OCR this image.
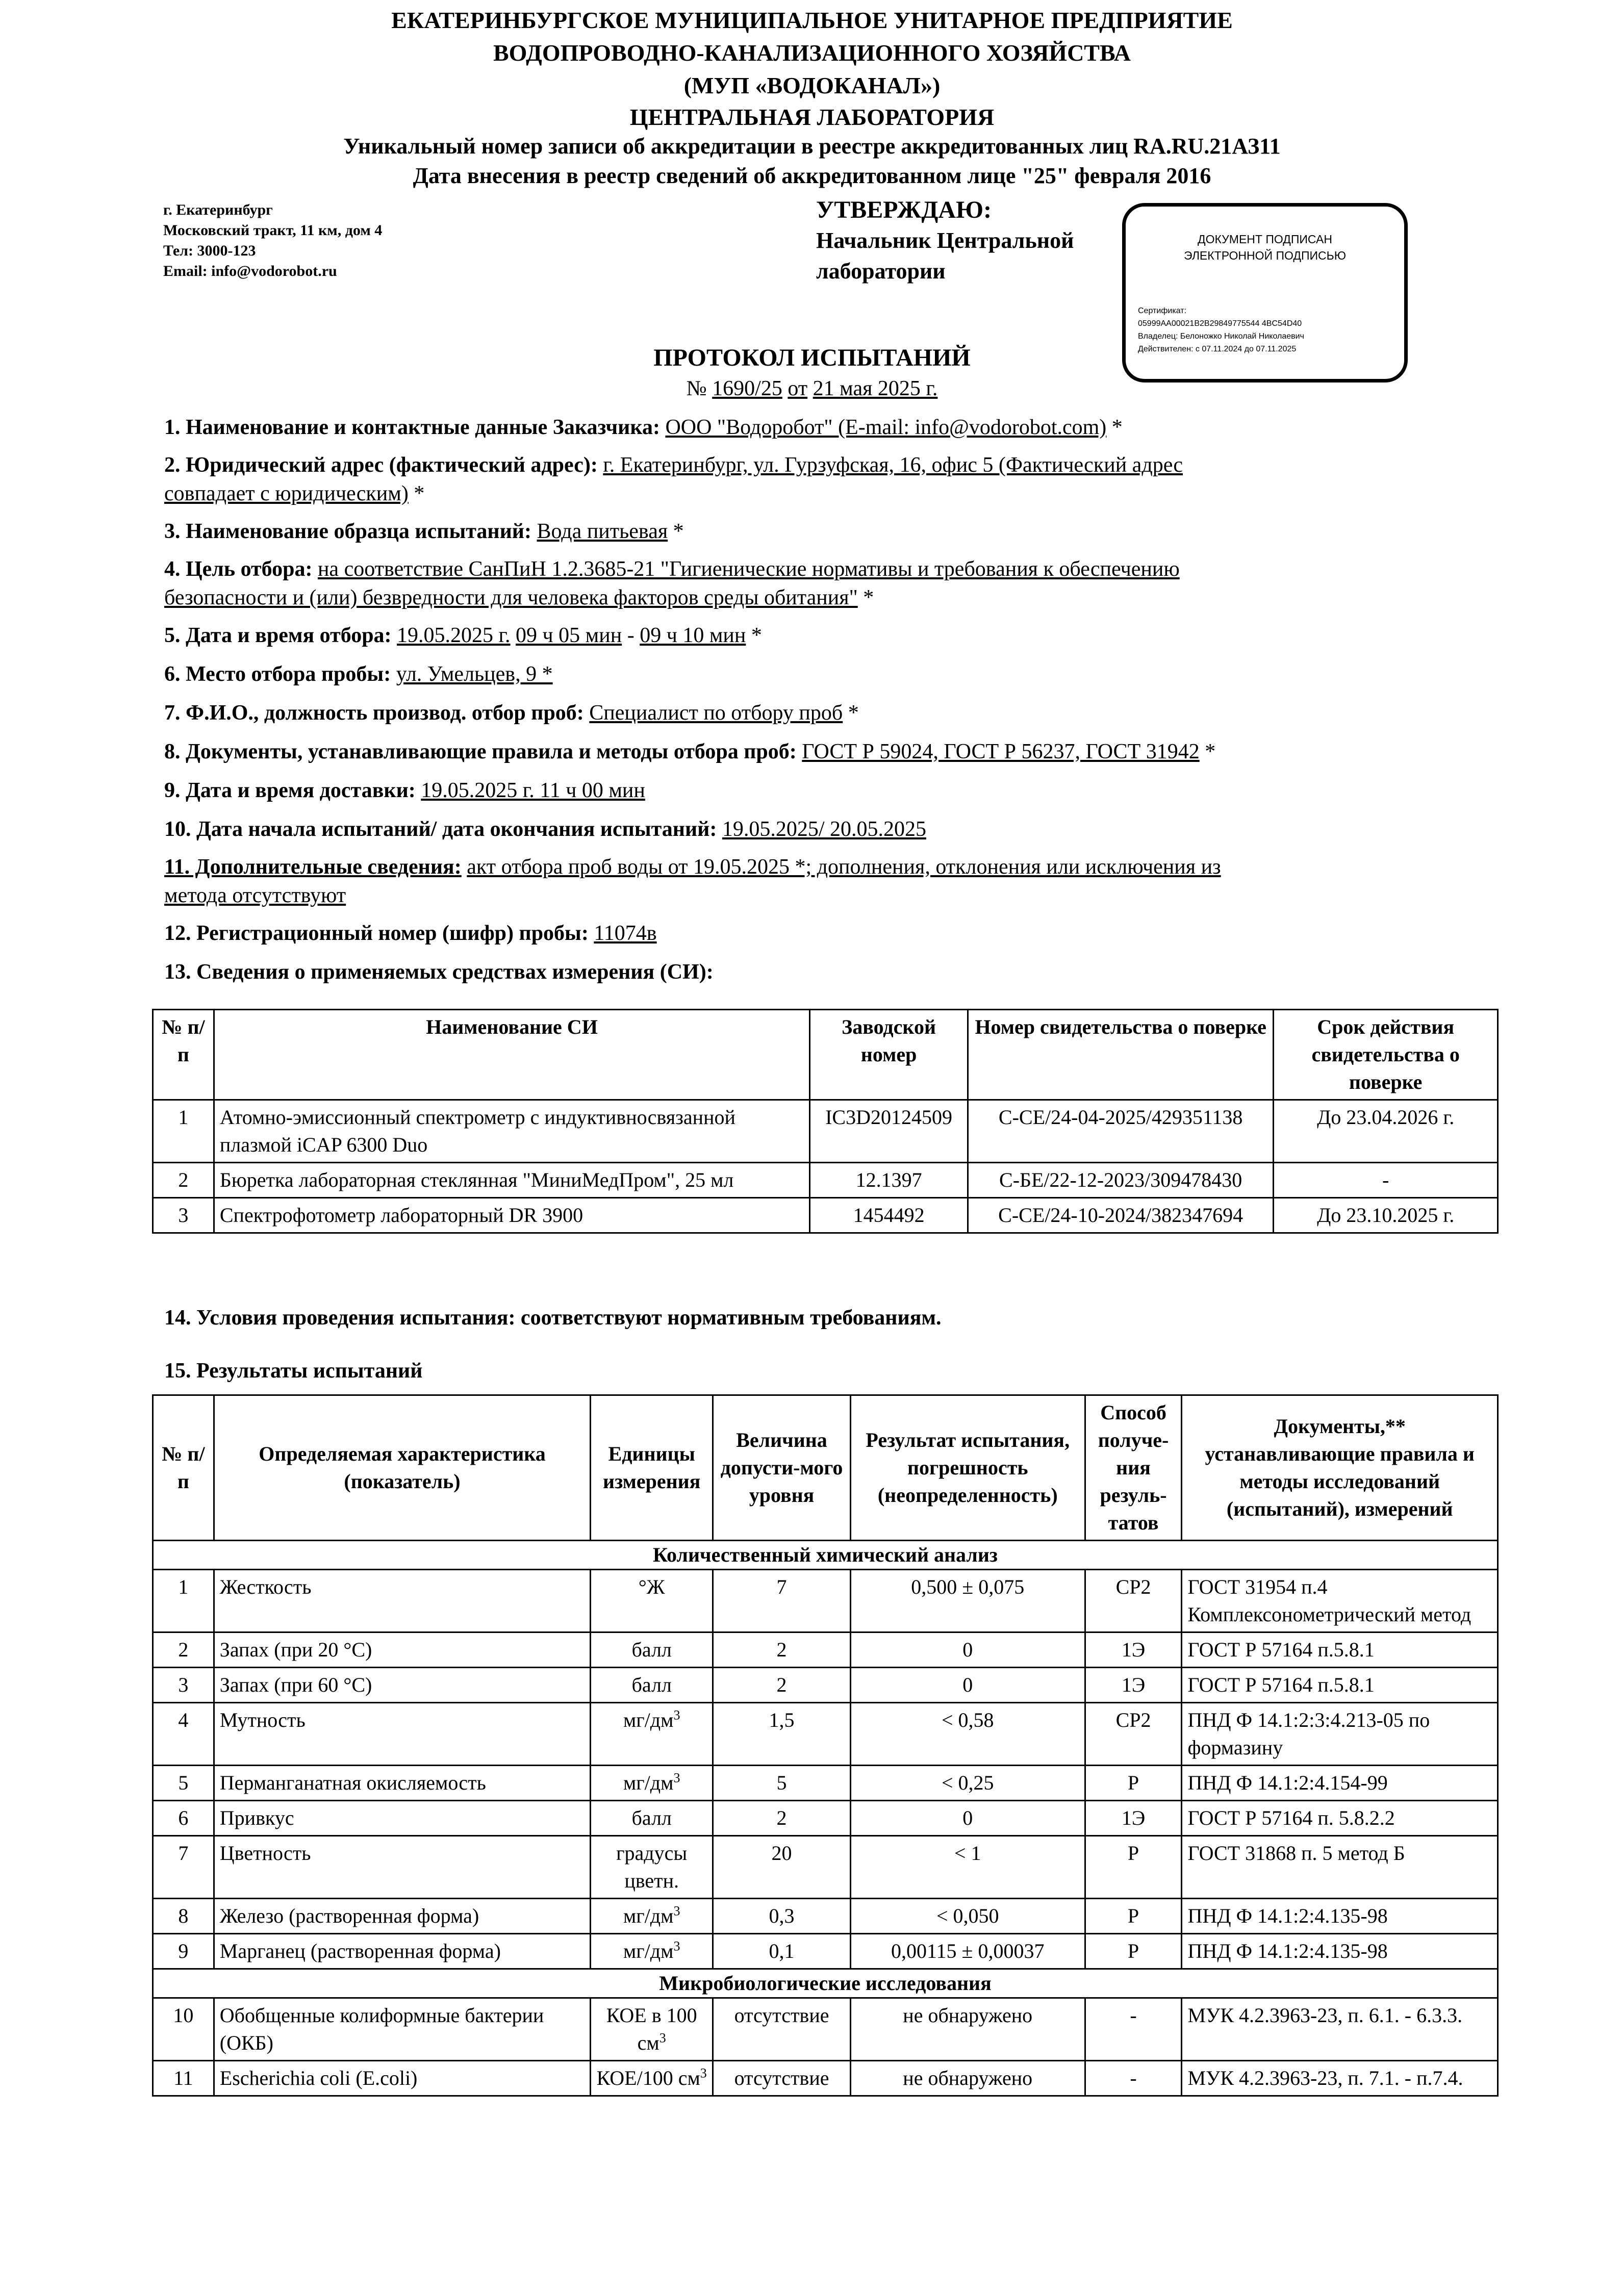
ЕКАТЕРИНБУРГСКОЕ МУНИЦИПАЛЬНОЕ УНИТАРНОЕ ПРЕДПРИЯТИЕ
ВОДОПРОВОДНО-КАНАЛИЗАЦИОННОГО ХОЗЯЙСТВА
(МУП «ВОДОКАНАЛ»)
ЦЕНТРАЛЬНАЯ ЛАБОРАТОРИЯ
Уникальный номер записи об аккредитации в реестре аккредитованных лиц RA.RU.21АЗ11
Дата внесения в реестр сведений об аккредитованном лице "25" февраля 2016
г. Екатеринбург
Московский тракт, 11 км, дом 4
Тел: 3000-123
Email: info@vodorobot.ru
УТВЕРЖДАЮ:
Начальник Центральной
лаборатории
ДОКУМЕНТ ПОДПИСАН
ЭЛЕКТРОННОЙ ПОДПИСЬЮ
Сертификат:
05999AA00021B2B29849775544 4BC54D40
Владелец: Белоножко Николай Николаевич
Действителен: с 07.11.2024 до 07.11.2025
ПРОТОКОЛ ИСПЫТАНИЙ
№ 1690/25 от 21 мая 2025 г.
1. Наименование и контактные данные Заказчика: ООО "Водоробот" (E-mail: info@vodorobot.com) *
2. Юридический адрес (фактический адрес): г. Екатеринбург, ул. Гурзуфская, 16, офис 5 (Фактический адрес
совпадает с юридическим) *
3. Наименование образца испытаний: Вода питьевая *
4. Цель отбора: на соответствие СанПиН 1.2.3685-21 "Гигиенические нормативы и требования к обеспечению
безопасности и (или) безвредности для человека факторов среды обитания" *
5. Дата и время отбора: 19.05.2025 г. 09 ч 05 мин - 09 ч 10 мин *
6. Место отбора пробы: ул. Умельцев, 9 *
7. Ф.И.О., должность производ. отбор проб: Специалист по отбору проб *
8. Документы, устанавливающие правила и методы отбора проб: ГОСТ Р 59024, ГОСТ Р 56237, ГОСТ 31942 *
9. Дата и время доставки: 19.05.2025 г. 11 ч 00 мин
10. Дата начала испытаний/ дата окончания испытаний: 19.05.2025/ 20.05.2025
11. Дополнительные сведения: акт отбора проб воды от 19.05.2025 *; дополнения, отклонения или исключения из
метода отсутствуют
12. Регистрационный номер (шифр) пробы: 11074в
13. Сведения о применяемых средствах измерения (СИ):
№ п/п	Наименование СИ	Заводской номер	Номер свидетельства о поверке	Срок действия свидетельства о поверке
1	Атомно-эмиссионный спектрометр с индуктивносвязанной плазмой iCAP 6300 Duo	IC3D20124509	С-СЕ/24-04-2025/429351138	До 23.04.2026 г.
2	Бюретка лабораторная стеклянная "МиниМедПром", 25 мл	12.1397	С-БЕ/22-12-2023/309478430	-
3	Спектрофотометр лабораторный DR 3900	1454492	С-СЕ/24-10-2024/382347694	До 23.10.2025 г.
14. Условия проведения испытания: соответствуют нормативным требованиям.
15. Результаты испытаний
№ п/п	Определяемая характеристика (показатель)	Единицы измерения	Величина допусти-мого уровня	Результат испытания, погрешность (неопределенность)	Способ получе-ния резуль-татов	Документы,** устанавливающие правила и методы исследований (испытаний), измерений
Количественный химический анализ						
1	Жесткость	°Ж	7	0,500 ± 0,075	СР2	ГОСТ 31954 п.4 Комплексонометрический метод
2	Запах (при 20 °С)	балл	2	0	1Э	ГОСТ Р 57164 п.5.8.1
3	Запах (при 60 °С)	балл	2	0	1Э	ГОСТ Р 57164 п.5.8.1
4	Мутность	$мг/дм^3$	1,5	< 0,58	СР2	ПНД Ф 14.1:2:3:4.213-05 по формазину
5	Перманганатная окисляемость	$мг/дм^3$	5	< 0,25	Р	ПНД Ф 14.1:2:4.154-99
6	Привкус	балл	2	0	1Э	ГОСТ Р 57164 п. 5.8.2.2
7	Цветность	градусы цветн.	20	< 1	Р	ГОСТ 31868 п. 5 метод Б
8	Железо (растворенная форма)	$мг/дм^3$	0,3	< 0,050	Р	ПНД Ф 14.1:2:4.135-98
9	Марганец (растворенная форма)	$мг/дм^3$	0,1	0,00115 ± 0,00037	Р	ПНД Ф 14.1:2:4.135-98
Микробиологические исследования						
10	Обобщенные колиформные бактерии (ОКБ)	КОЕ в 100 $см^3$	отсутствие	не обнаружено	-	МУК 4.2.3963-23, п. 6.1. - 6.3.3.
11	Escherichia coli (E.coli)	КОЕ/100 $см^3$	отсутствие	не обнаружено	-	МУК 4.2.3963-23, п. 7.1. - п.7.4.
